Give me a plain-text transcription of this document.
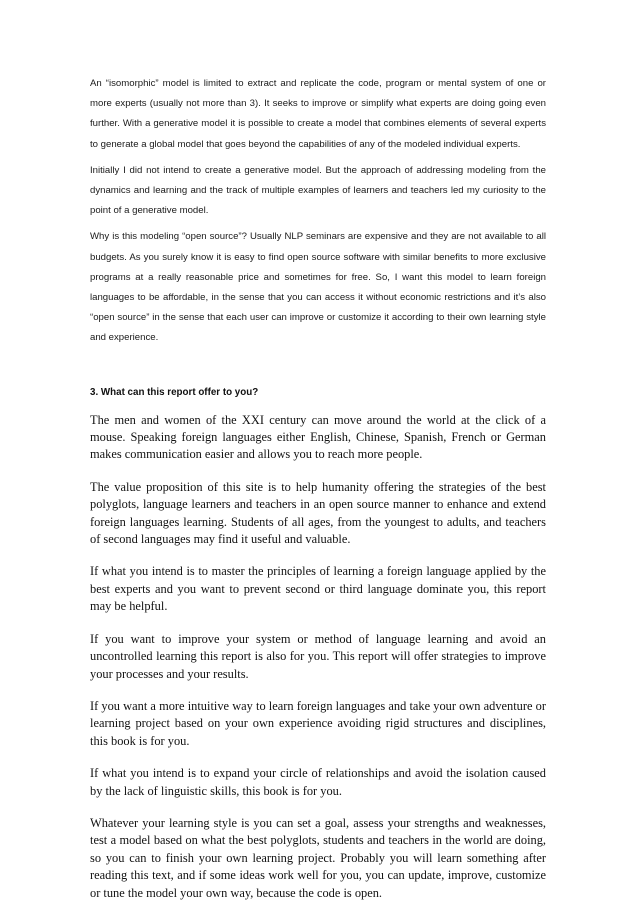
An “isomorphic” model is limited to extract and replicate the code, program or mental system of one or more experts (usually not more than 3). It seeks to improve or simplify what experts are doing going even further. With a generative model it is possible to create a model that combines elements of several experts to generate a global model that goes beyond the capabilities of any of the modeled individual experts.

Initially I did not intend to create a generative model. But the approach of addressing modeling from the dynamics and learning and the track of multiple examples of learners and teachers led my curiosity to the point of a generative model.

Why is this modeling “open source”? Usually NLP seminars are expensive and they are not available to all budgets. As you surely know it is easy to find open source software with similar benefits to more exclusive programs at a really reasonable price and sometimes for free. So, I want this model to learn foreign languages to be affordable, in the sense that you can access it without economic restrictions and it’s also “open source” in the sense that each user can improve or customize it according to their own learning style and experience.

3. What can this report offer to you?

The men and women of the XXI century can move around the world at the click of a mouse. Speaking foreign languages either English, Chinese, Spanish, French or German makes communication easier and allows you to reach more people.

The value proposition of this site is to help humanity offering the strategies of the best polyglots, language learners and teachers in an open source manner to enhance and extend foreign languages learning. Students of all ages, from the youngest to adults, and teachers of second languages may find it useful and valuable.

If what you intend is to master the principles of learning a foreign language applied by the best experts and you want to prevent second or third language dominate you, this report may be helpful.

If you want to improve your system or method of language learning and avoid an uncontrolled learning this report is also for you. This report will offer strategies to improve your processes and your results.

If you want a more intuitive way to learn foreign languages and take your own adventure or learning project based on your own experience avoiding rigid structures and disciplines, this book is for you.

If what you intend is to expand your circle of relationships and avoid the isolation caused by the lack of linguistic skills, this book is for you.

Whatever your learning style is you can set a goal, assess your strengths and weaknesses, test a model based on what the best polyglots, students and teachers in the world are doing, so you can to finish your own learning project. Probably you will learn something after reading this text, and if some ideas work well for you, you can update, improve, customize or tune the model your own way, because the code is open.
